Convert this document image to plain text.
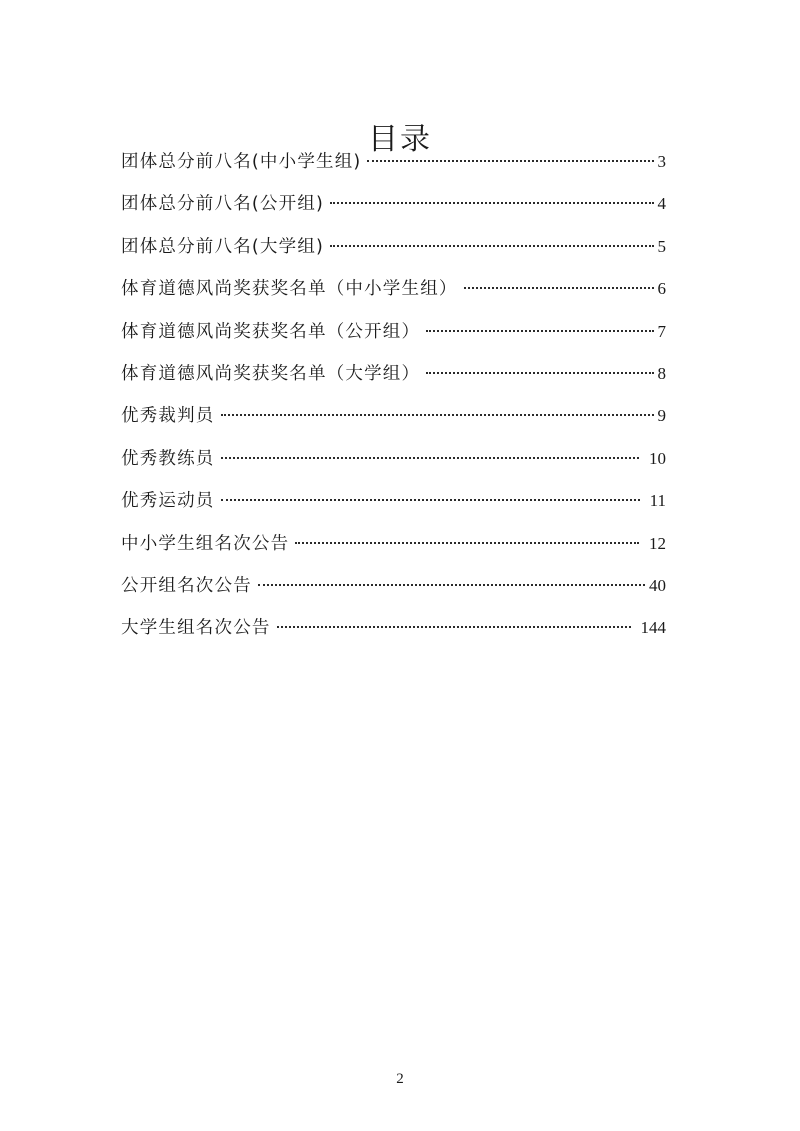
目录
团体总分前八名(中小学生组)	3
团体总分前八名(公开组)	4
团体总分前八名(大学组)	5
体育道德风尚奖获奖名单（中小学生组）	6
体育道德风尚奖获奖名单（公开组）	7
体育道德风尚奖获奖名单（大学组）	8
优秀裁判员	9
优秀教练员	10
优秀运动员	11
中小学生组名次公告	12
公开组名次公告	40
大学生组名次公告	144
2
